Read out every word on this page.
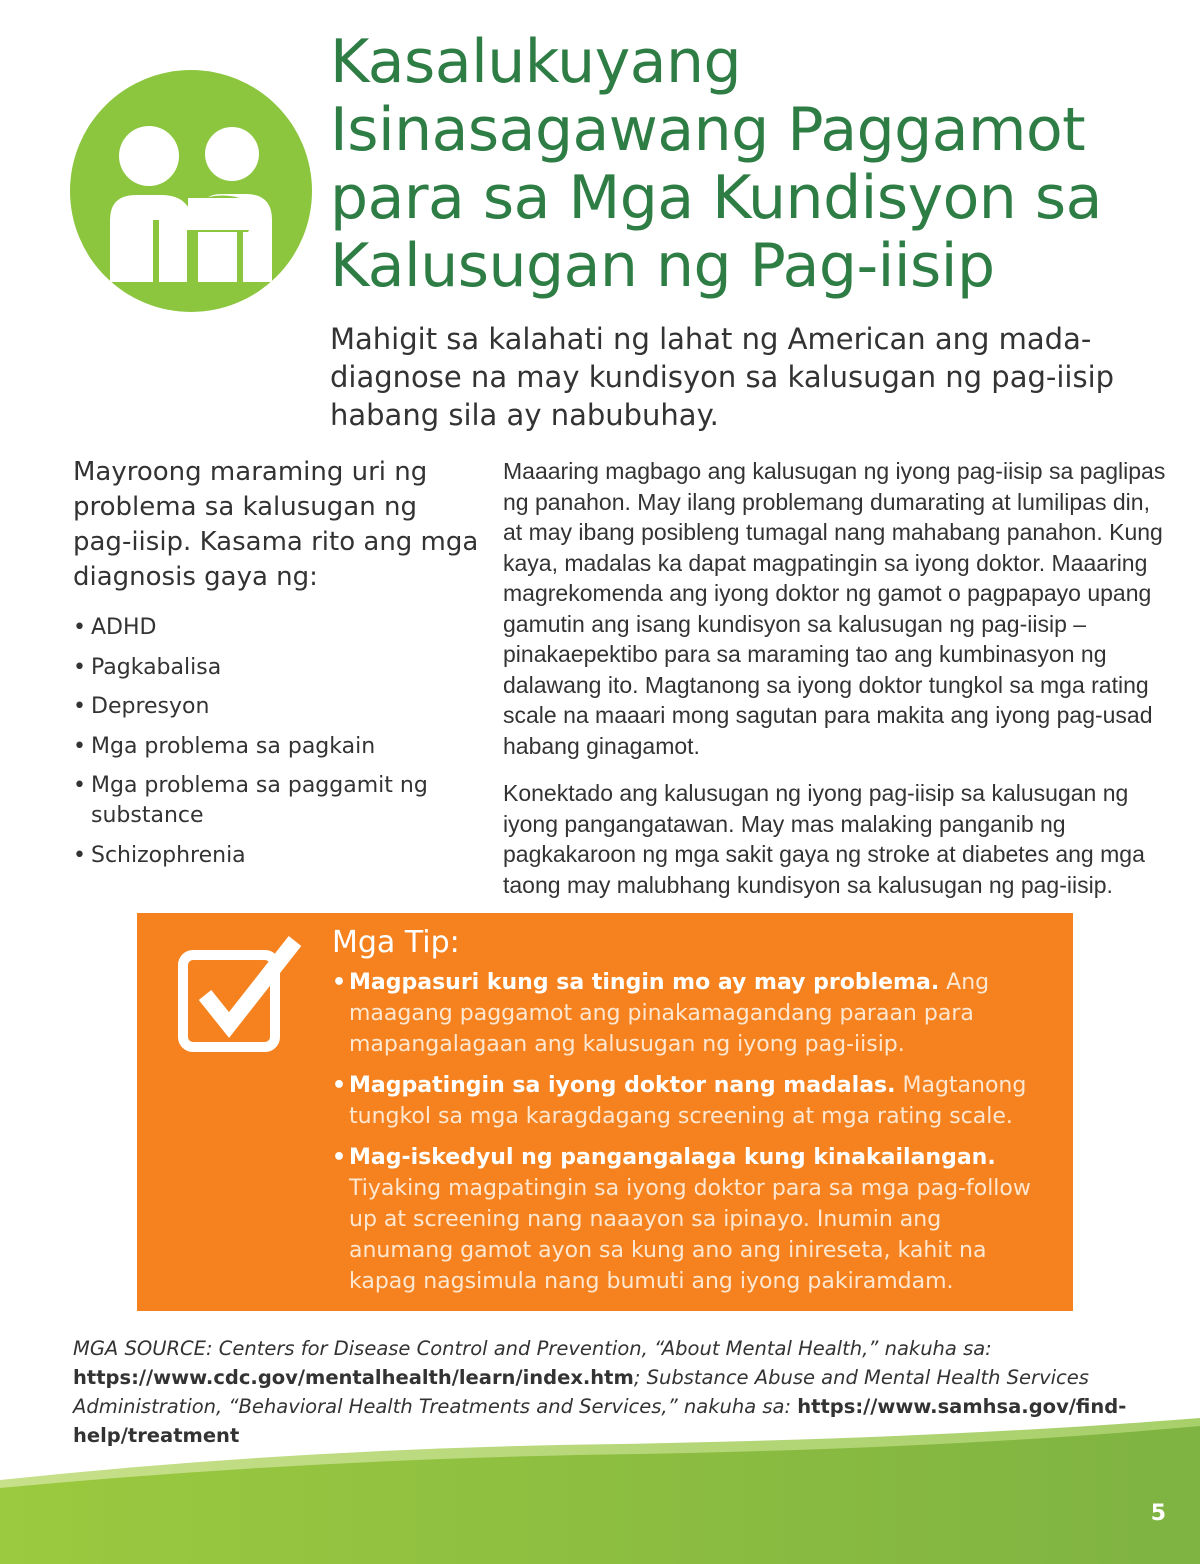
Kasalukuyang Isinasagawang Paggamot para sa Mga Kundisyon sa Kalusugan ng Pag-iisip

Mahigit sa kalahati ng lahat ng American ang mada-diagnose na may kundisyon sa kalusugan ng pag-iisip habang sila ay nabubuhay.

Mayroong maraming uri ng problema sa kalusugan ng pag-iisip. Kasama rito ang mga diagnosis gaya ng:

• ADHD
• Pagkabalisa
• Depresyon
• Mga problema sa pagkain
• Mga problema sa paggamit ng substance
• Schizophrenia

Maaaring magbago ang kalusugan ng iyong pag-iisip sa paglipas ng panahon. May ilang problemang dumarating at lumilipas din, at may ibang posibleng tumagal nang mahabang panahon. Kung kaya, madalas ka dapat magpatingin sa iyong doktor. Maaaring magrekomenda ang iyong doktor ng gamot o pagpapayo upang gamutin ang isang kundisyon sa kalusugan ng pag-iisip – pinakaepektibo para sa maraming tao ang kumbinasyon ng dalawang ito. Magtanong sa iyong doktor tungkol sa mga rating scale na maaari mong sagutan para makita ang iyong pag-usad habang ginagamot.

Konektado ang kalusugan ng iyong pag-iisip sa kalusugan ng iyong pangangatawan. May mas malaking panganib ng pagkakaroon ng mga sakit gaya ng stroke at diabetes ang mga taong may malubhang kundisyon sa kalusugan ng pag-iisip.

Mga Tip:
• Magpasuri kung sa tingin mo ay may problema. Ang maagang paggamot ang pinakamagandang paraan para mapangalagaan ang kalusugan ng iyong pag-iisip.
• Magpatingin sa iyong doktor nang madalas. Magtanong tungkol sa mga karagdagang screening at mga rating scale.
• Mag-iskedyul ng pangangalaga kung kinakailangan. Tiyaking magpatingin sa iyong doktor para sa mga pag-follow up at screening nang naaayon sa ipinayo. Inumin ang anumang gamot ayon sa kung ano ang inireseta, kahit na kapag nagsimula nang bumuti ang iyong pakiramdam.

MGA SOURCE: Centers for Disease Control and Prevention, “About Mental Health,” nakuha sa: https://www.cdc.gov/mentalhealth/learn/index.htm; Substance Abuse and Mental Health Services Administration, “Behavioral Health Treatments and Services,” nakuha sa: https://www.samhsa.gov/find-help/treatment

5
